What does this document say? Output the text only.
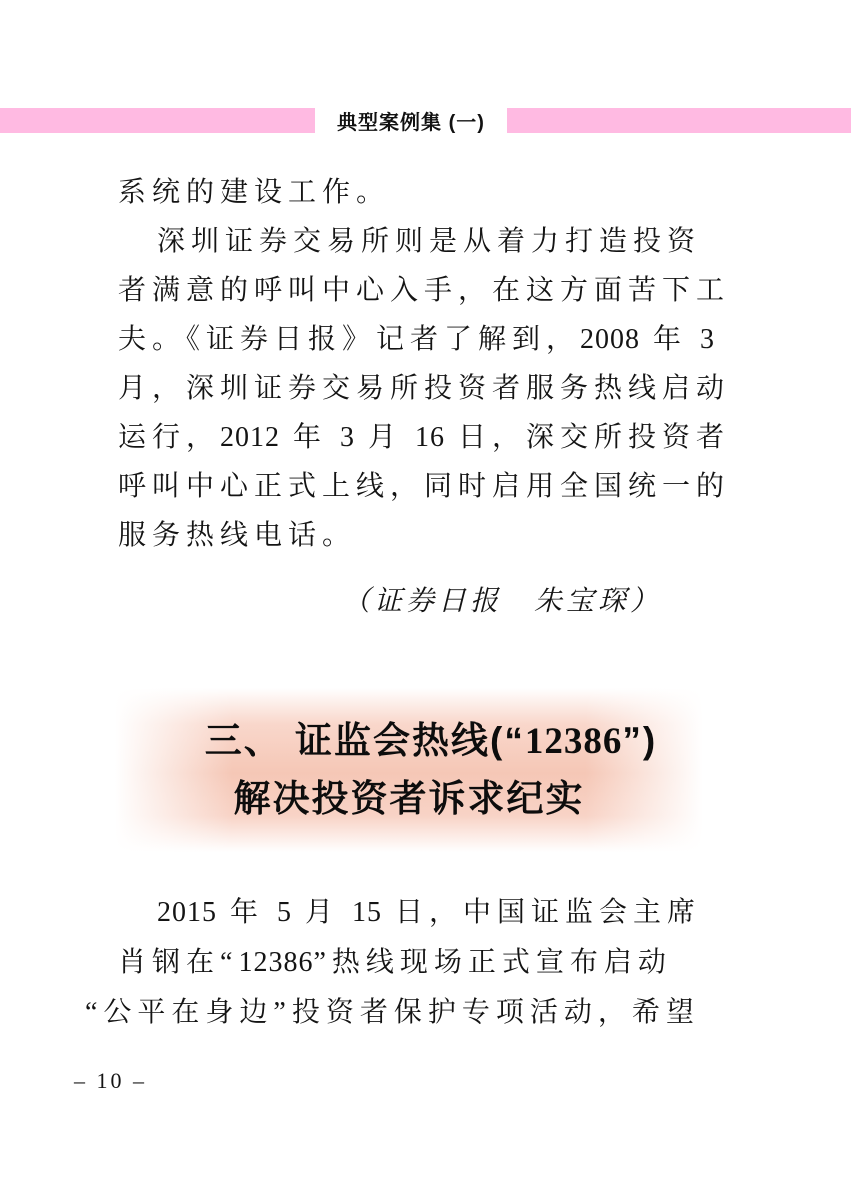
典型案例集 (一)
系统的建设工作。
深圳证券交易所则是从着力打造投资
者满意的呼叫中心入手，在这方面苦下工
夫。《证券日报》记者了解到，2008 年 3
月，深圳证券交易所投资者服务热线启动
运行，2012 年 3 月 16 日，深交所投资者
呼叫中心正式上线，同时启用全国统一的
服务热线电话。
（证券日报　朱宝琛）
三、 证监会热线(“12386”)
解决投资者诉求纪实
2015 年 5 月 15 日，中国证监会主席
肖钢在“12386”热线现场正式宣布启动
“公平在身边”投资者保护专项活动，希望
– 10 –
